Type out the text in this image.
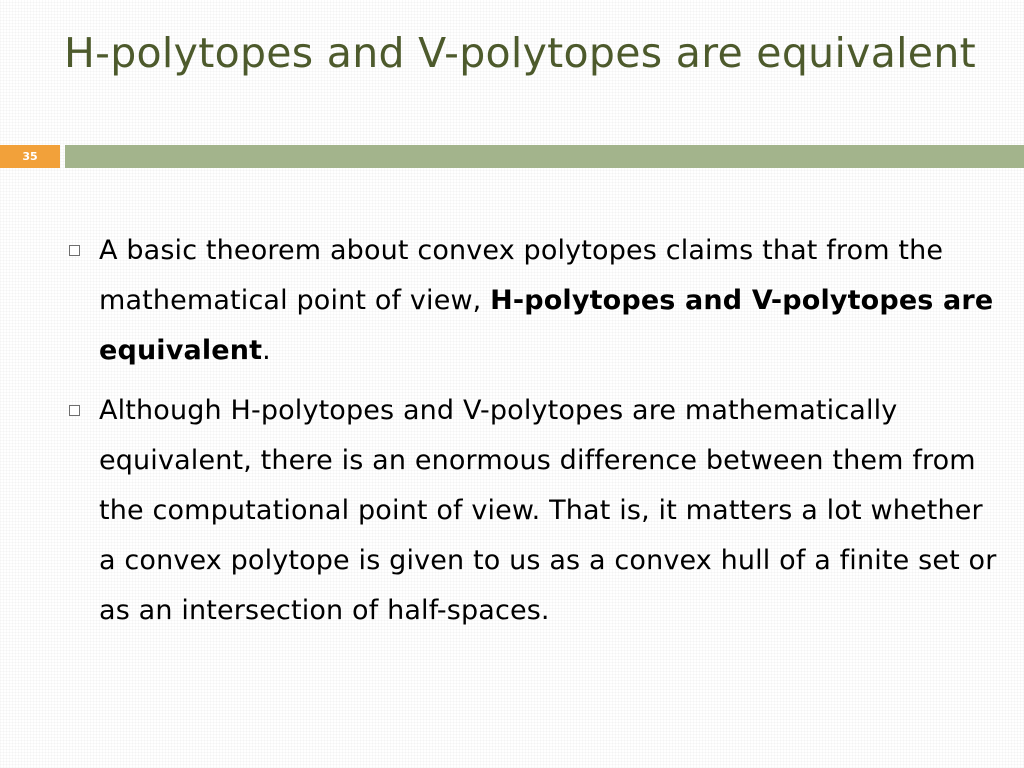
H-polytopes and V-polytopes are equivalent
35
A basic theorem about convex polytopes claims that from the mathematical point of view, H-polytopes and V-polytopes are equivalent.
Although H-polytopes and V-polytopes are mathematically equivalent, there is an enormous difference between them from the computational point of view. That is, it matters a lot whether a convex polytope is given to us as a convex hull of a finite set or as an intersection of half-spaces.
